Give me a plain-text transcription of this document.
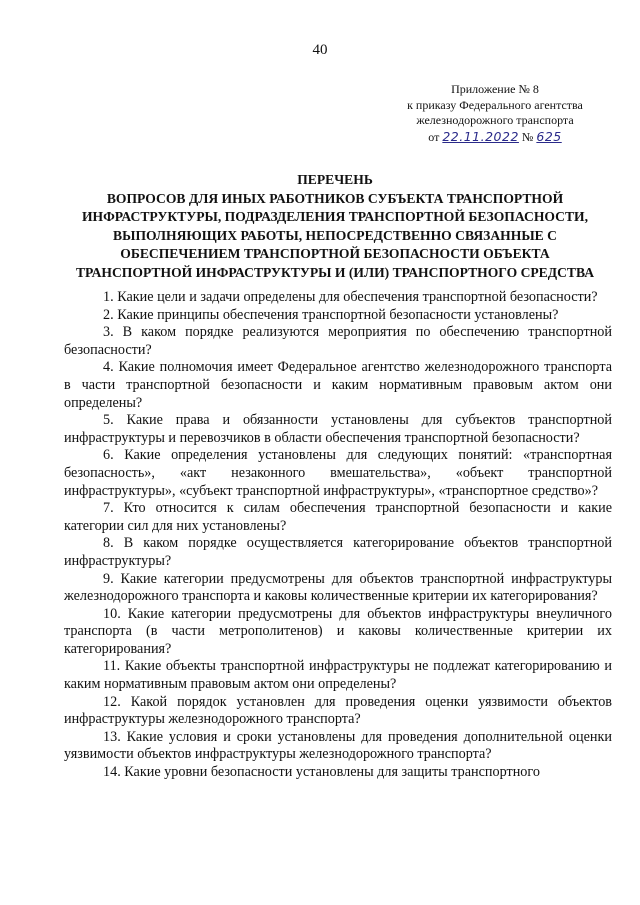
40
Приложение № 8
к приказу Федерального агентства
железнодорожного транспорта
от 22.11.2022 № 625
ПЕРЕЧЕНЬ
ВОПРОСОВ ДЛЯ ИНЫХ РАБОТНИКОВ СУБЪЕКТА ТРАНСПОРТНОЙ ИНФРАСТРУКТУРЫ, ПОДРАЗДЕЛЕНИЯ ТРАНСПОРТНОЙ БЕЗОПАСНОСТИ, ВЫПОЛНЯЮЩИХ РАБОТЫ, НЕПОСРЕДСТВЕННО СВЯЗАННЫЕ С ОБЕСПЕЧЕНИЕМ ТРАНСПОРТНОЙ БЕЗОПАСНОСТИ ОБЪЕКТА ТРАНСПОРТНОЙ ИНФРАСТРУКТУРЫ И (ИЛИ) ТРАНСПОРТНОГО СРЕДСТВА

1. Какие цели и задачи определены для обеспечения транспортной безопасности?

2. Какие принципы обеспечения транспортной безопасности установлены?

3. В каком порядке реализуются мероприятия по обеспечению транспортной безопасности?

4. Какие полномочия имеет Федеральное агентство железнодорожного транспорта в части транспортной безопасности и каким нормативным правовым актом они определены?

5. Какие права и обязанности установлены для субъектов транспортной инфраструктуры и перевозчиков в области обеспечения транспортной безопасности?

6. Какие определения установлены для следующих понятий: «транспортная безопасность», «акт незаконного вмешательства», «объект транспортной инфраструктуры», «субъект транспортной инфраструктуры», «транспортное средство»?

7. Кто относится к силам обеспечения транспортной безопасности и какие категории сил для них установлены?

8. В каком порядке осуществляется категорирование объектов транспортной инфраструктуры?

9. Какие категории предусмотрены для объектов транспортной инфраструктуры железнодорожного транспорта и каковы количественные критерии их категорирования?

10. Какие категории предусмотрены для объектов инфраструктуры внеуличного транспорта (в части метрополитенов) и каковы количественные критерии их категорирования?

11. Какие объекты транспортной инфраструктуры не подлежат категорированию и каким нормативным правовым актом они определены?

12. Какой порядок установлен для проведения оценки уязвимости объектов инфраструктуры железнодорожного транспорта?

13. Какие условия и сроки установлены для проведения дополнительной оценки уязвимости объектов инфраструктуры железнодорожного транспорта?

14. Какие уровни безопасности установлены для защиты транспортного
